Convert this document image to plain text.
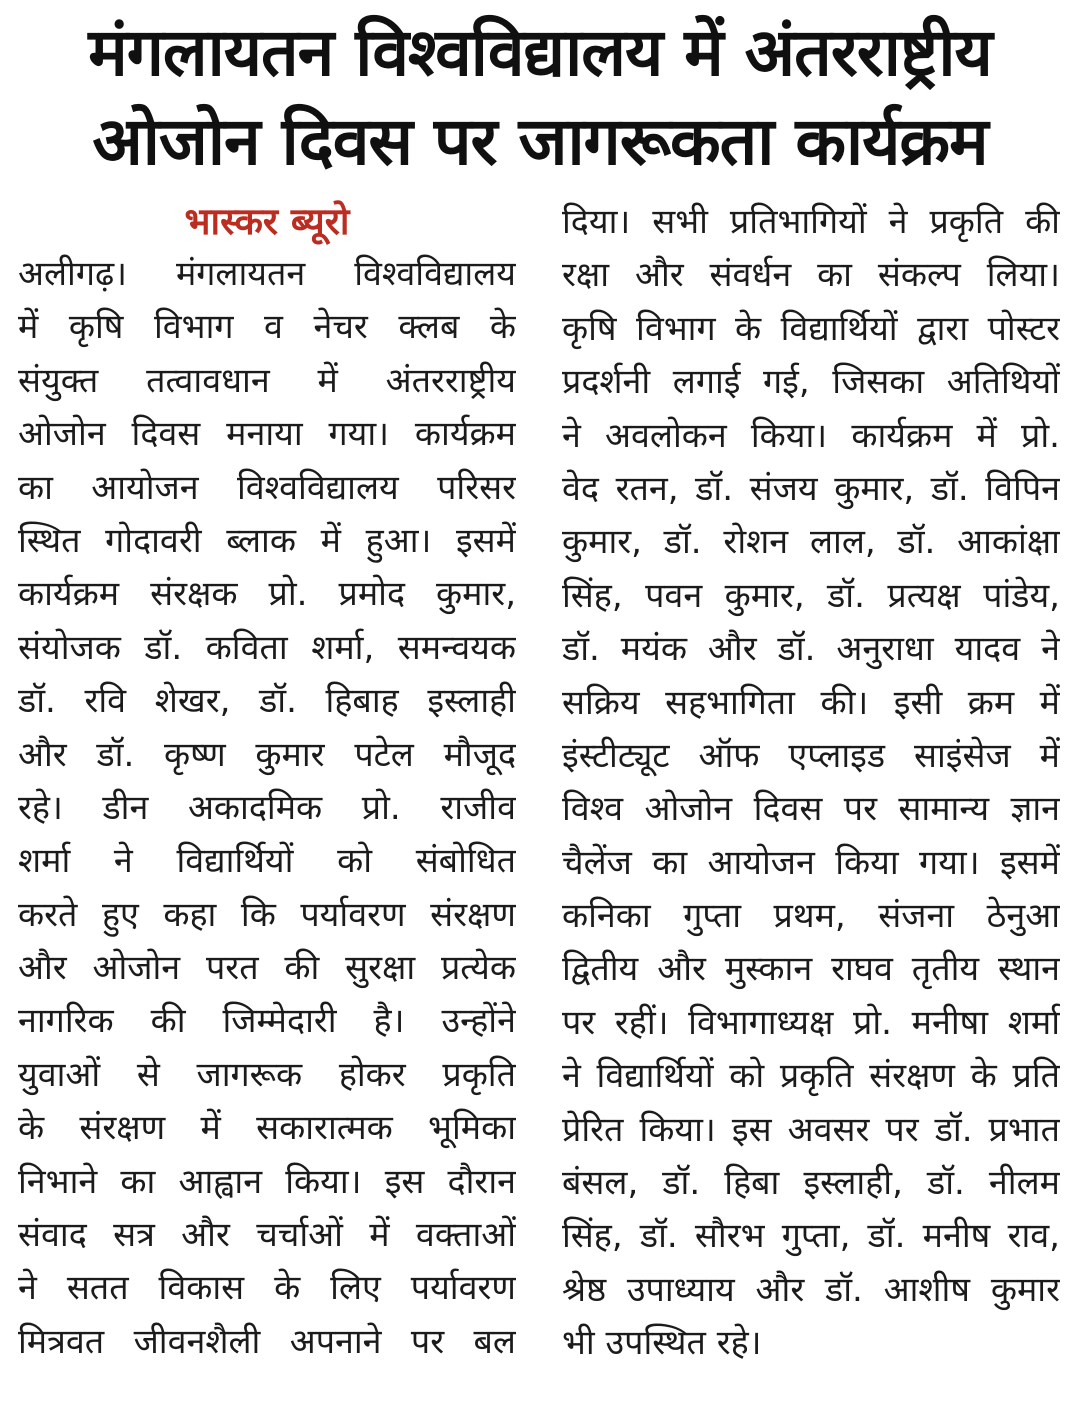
मंगलायतन विश्वविद्यालय में अंतरराष्ट्रीय
ओजोन दिवस पर जागरूकता कार्यक्रम

भास्कर ब्यूरो

अलीगढ़। मंगलायतन विश्वविद्यालय

में कृषि विभाग व नेचर क्लब के

संयुक्त तत्वावधान में अंतरराष्ट्रीय

ओजोन दिवस मनाया गया। कार्यक्रम

का आयोजन विश्वविद्यालय परिसर

स्थित गोदावरी ब्लाक में हुआ। इसमें

कार्यक्रम संरक्षक प्रो. प्रमोद कुमार,

संयोजक डॉ. कविता शर्मा, समन्वयक

डॉ. रवि शेखर, डॉ. हिबाह इस्लाही

और डॉ. कृष्ण कुमार पटेल मौजूद

रहे। डीन अकादमिक प्रो. राजीव

शर्मा ने विद्यार्थियों को संबोधित

करते हुए कहा कि पर्यावरण संरक्षण

और ओजोन परत की सुरक्षा प्रत्येक

नागरिक की जिम्मेदारी है। उन्होंने

युवाओं से जागरूक होकर प्रकृति

के संरक्षण में सकारात्मक भूमिका

निभाने का आह्वान किया। इस दौरान

संवाद सत्र और चर्चाओं में वक्ताओं

ने सतत विकास के लिए पर्यावरण

मित्रवत जीवनशैली अपनाने पर बल

दिया। सभी प्रतिभागियों ने प्रकृति की

रक्षा और संवर्धन का संकल्प लिया।

कृषि विभाग के विद्यार्थियों द्वारा पोस्टर

प्रदर्शनी लगाई गई, जिसका अतिथियों

ने अवलोकन किया। कार्यक्रम में प्रो.

वेद रतन, डॉ. संजय कुमार, डॉ. विपिन

कुमार, डॉ. रोशन लाल, डॉ. आकांक्षा

सिंह, पवन कुमार, डॉ. प्रत्यक्ष पांडेय,

डॉ. मयंक और डॉ. अनुराधा यादव ने

सक्रिय सहभागिता की। इसी क्रम में

इंस्टीट्यूट ऑफ एप्लाइड साइंसेज में

विश्व ओजोन दिवस पर सामान्य ज्ञान

चैलेंज का आयोजन किया गया। इसमें

कनिका गुप्ता प्रथम, संजना ठेनुआ

द्वितीय और मुस्कान राघव तृतीय स्थान

पर रहीं। विभागाध्यक्ष प्रो. मनीषा शर्मा

ने विद्यार्थियों को प्रकृति संरक्षण के प्रति

प्रेरित किया। इस अवसर पर डॉ. प्रभात

बंसल, डॉ. हिबा इस्लाही, डॉ. नीलम

सिंह, डॉ. सौरभ गुप्ता, डॉ. मनीष राव,

श्रेष्ठ उपाध्याय और डॉ. आशीष कुमार

भी उपस्थित रहे।
